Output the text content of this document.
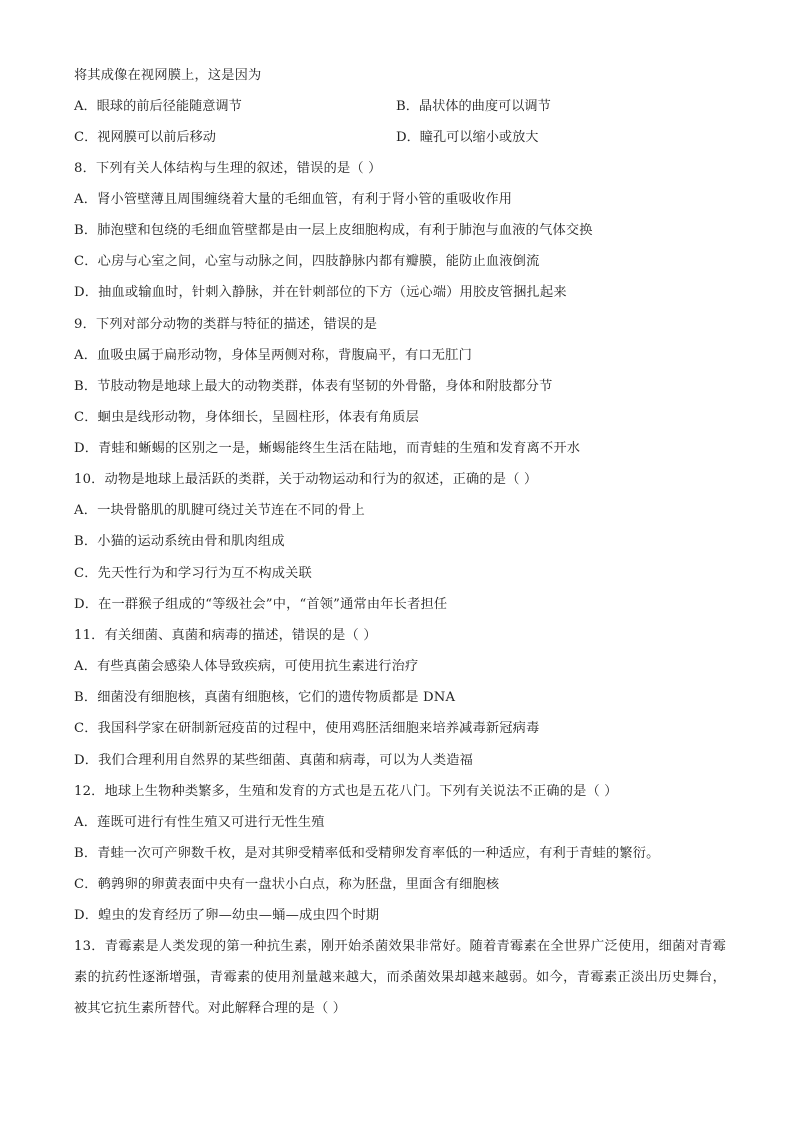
将其成像在视网膜上，这是因为
A．眼球的前后径能随意调节	B．晶状体的曲度可以调节
C．视网膜可以前后移动	D．瞳孔可以缩小或放大
8．下列有关人体结构与生理的叙述，错误的是（ ）
A．肾小管壁薄且周围缠绕着大量的毛细血管，有利于肾小管的重吸收作用
B．肺泡壁和包绕的毛细血管壁都是由一层上皮细胞构成，有利于肺泡与血液的气体交换
C．心房与心室之间，心室与动脉之间，四肢静脉内都有瓣膜，能防止血液倒流
D．抽血或输血时，针刺入静脉，并在针刺部位的下方（远心端）用胶皮管捆扎起来
9．下列对部分动物的类群与特征的描述，错误的是
A．血吸虫属于扁形动物，身体呈两侧对称，背腹扁平，有口无肛门
B．节肢动物是地球上最大的动物类群，体表有坚韧的外骨骼，身体和附肢都分节
C．蛔虫是线形动物，身体细长，呈圆柱形，体表有角质层
D．青蛙和蜥蜴的区别之一是，蜥蜴能终生生活在陆地，而青蛙的生殖和发育离不开水
10．动物是地球上最活跃的类群，关于动物运动和行为的叙述，正确的是（ ）
A．一块骨骼肌的肌腱可绕过关节连在不同的骨上
B．小猫的运动系统由骨和肌肉组成
C．先天性行为和学习行为互不构成关联
D．在一群猴子组成的“等级社会”中，“首领”通常由年长者担任
11．有关细菌、真菌和病毒的描述，错误的是（ ）
A．有些真菌会感染人体导致疾病，可使用抗生素进行治疗
B．细菌没有细胞核，真菌有细胞核，它们的遗传物质都是 DNA
C．我国科学家在研制新冠疫苗的过程中，使用鸡胚活细胞来培养减毒新冠病毒
D．我们合理利用自然界的某些细菌、真菌和病毒，可以为人类造福
12．地球上生物种类繁多，生殖和发育的方式也是五花八门。下列有关说法不正确的是（ ）
A．莲既可进行有性生殖又可进行无性生殖
B．青蛙一次可产卵数千枚，是对其卵受精率低和受精卵发育率低的一种适应，有利于青蛙的繁衍。
C．鹌鹑卵的卵黄表面中央有一盘状小白点，称为胚盘，里面含有细胞核
D．蝗虫的发育经历了卵—幼虫—蛹—成虫四个时期
13．青霉素是人类发现的第一种抗生素，刚开始杀菌效果非常好。随着青霉素在全世界广泛使用，细菌对青霉素的抗药性逐渐增强，青霉素的使用剂量越来越大，而杀菌效果却越来越弱。如今，青霉素正淡出历史舞台，被其它抗生素所替代。对此解释合理的是（ ）
